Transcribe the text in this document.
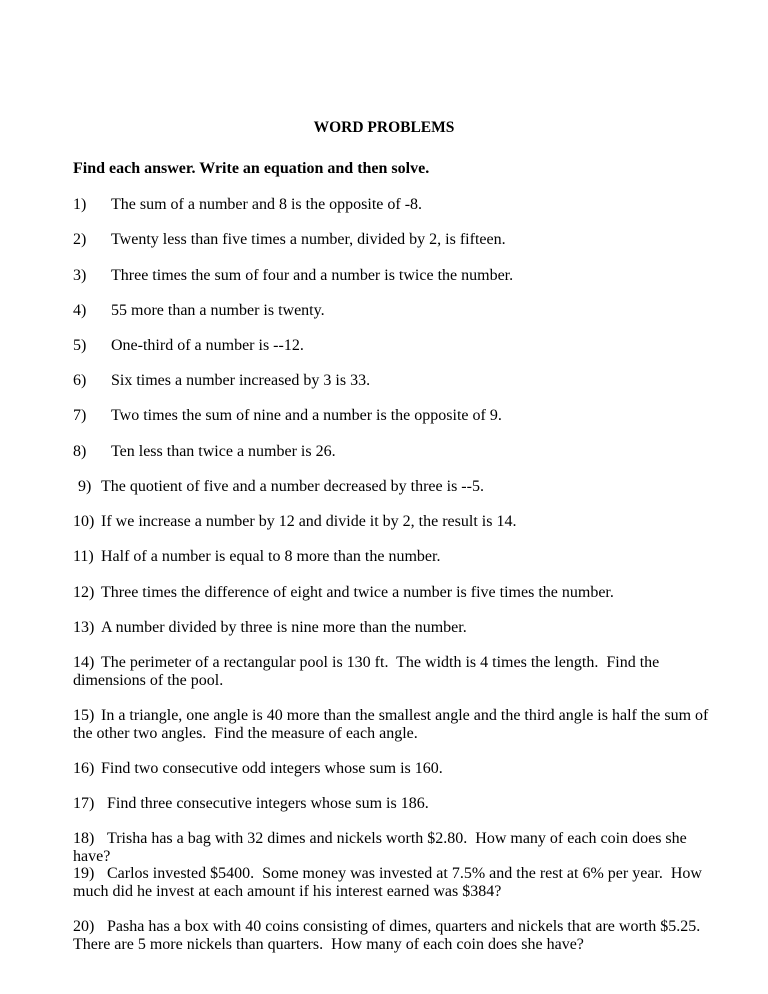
WORD PROBLEMS
Find each answer. Write an equation and then solve.
1) The sum of a number and 8 is the opposite of -8.
2) Twenty less than five times a number, divided by 2, is fifteen.
3) Three times the sum of four and a number is twice the number.
4) 55 more than a number is twenty.
5) One-third of a number is --12.
6) Six times a number increased by 3 is 33.
7) Two times the sum of nine and a number is the opposite of 9.
8) Ten less than twice a number is 26.
9) The quotient of five and a number decreased by three is --5.
10) If we increase a number by 12 and divide it by 2, the result is 14.
11) Half of a number is equal to 8 more than the number.
12) Three times the difference of eight and twice a number is five times the number.
13) A number divided by three is nine more than the number.
14) The perimeter of a rectangular pool is 130 ft.  The width is 4 times the length.  Find the
dimensions of the pool.
15) In a triangle, one angle is 40 more than the smallest angle and the third angle is half the sum of
the other two angles.  Find the measure of each angle.
16) Find two consecutive odd integers whose sum is 160.
17) Find three consecutive integers whose sum is 186.
18) Trisha has a bag with 32 dimes and nickels worth $2.80.  How many of each coin does she have?
19) Carlos invested $5400.  Some money was invested at 7.5% and the rest at 6% per year.  How
much did he invest at each amount if his interest earned was $384?
20) Pasha has a box with 40 coins consisting of dimes, quarters and nickels that are worth $5.25.
There are 5 more nickels than quarters.  How many of each coin does she have?
